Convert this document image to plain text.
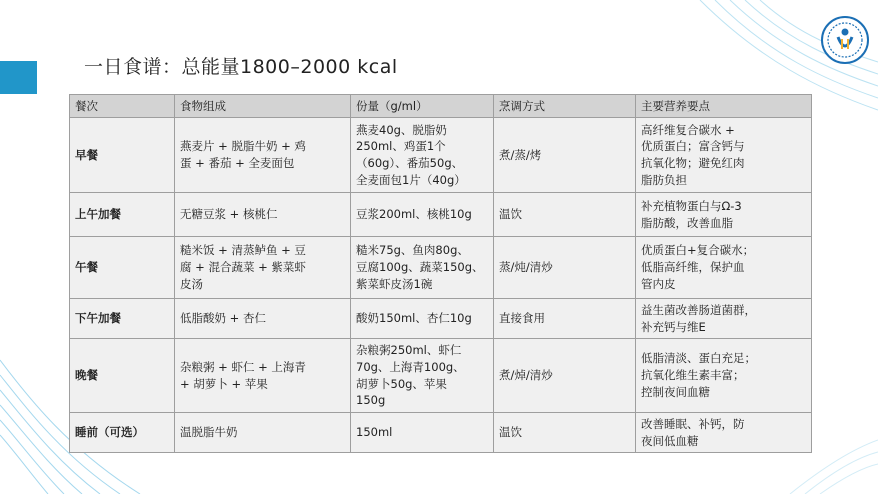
一日食谱：总能量1800–2000 kcal
餐次	食物组成	份量（g/ml）	烹调方式	主要营养要点
早餐	燕麦片 + 脱脂牛奶 + 鸡
蛋 + 番茄 + 全麦面包	燕麦40g、脱脂奶
250ml、鸡蛋1个
（60g）、番茄50g、
全麦面包1片（40g）	煮/蒸/烤	高纤维复合碳水 +
优质蛋白；富含钙与
抗氧化物；避免红肉
脂肪负担
上午加餐	无糖豆浆 + 核桃仁	豆浆200ml、核桃10g	温饮	补充植物蛋白与Ω-3
脂肪酸，改善血脂
午餐	糙米饭 + 清蒸鲈鱼 + 豆
腐 + 混合蔬菜 + 紫菜虾
皮汤	糙米75g、鱼肉80g、
豆腐100g、蔬菜150g、
紫菜虾皮汤1碗	蒸/炖/清炒	优质蛋白+复合碳水；
低脂高纤维，保护血
管内皮
下午加餐	低脂酸奶 + 杏仁	酸奶150ml、杏仁10g	直接食用	益生菌改善肠道菌群，
补充钙与维E
晚餐	杂粮粥 + 虾仁 + 上海青
+ 胡萝卜 + 苹果	杂粮粥250ml、虾仁
70g、上海青100g、
胡萝卜50g、苹果
150g	煮/焯/清炒	低脂清淡、蛋白充足；
抗氧化维生素丰富；
控制夜间血糖
睡前（可选）	温脱脂牛奶	150ml	温饮	改善睡眠、补钙，防
夜间低血糖
